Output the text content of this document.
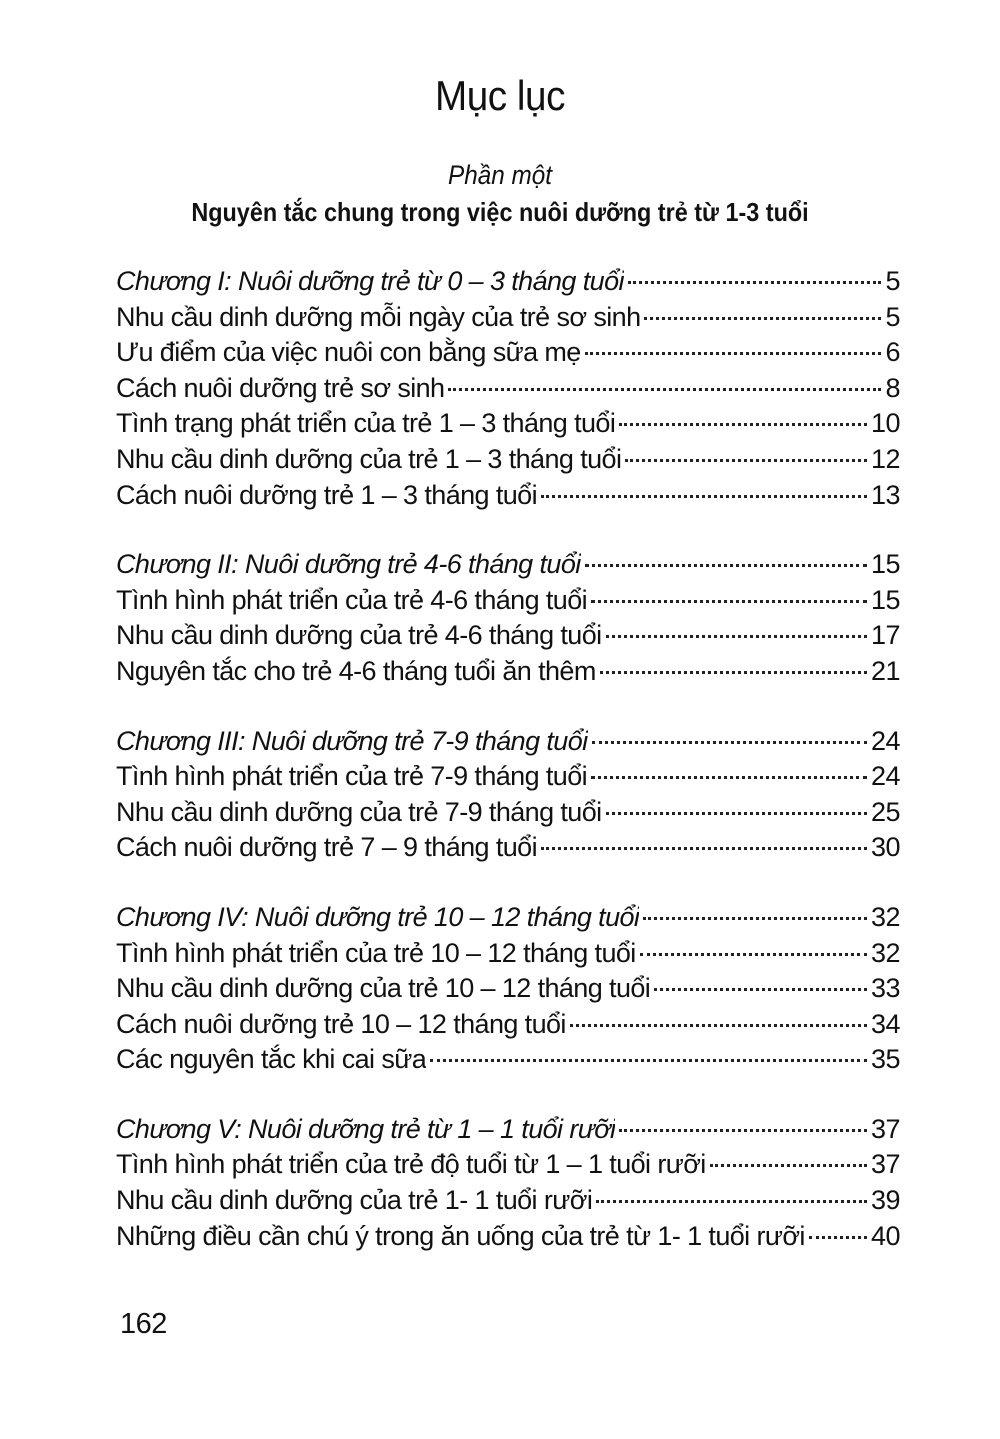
Mục lục
Phần một
Nguyên tắc chung trong việc nuôi dưỡng trẻ từ 1-3 tuổi
Chương I: Nuôi dưỡng trẻ từ 0 – 3 tháng tuổi	5
Nhu cầu dinh dưỡng mỗi ngày của trẻ sơ sinh	5
Ưu điểm của việc nuôi con bằng sữa mẹ	6
Cách nuôi dưỡng trẻ sơ sinh	8
Tình trạng phát triển của trẻ 1 – 3 tháng tuổi	10
Nhu cầu dinh dưỡng của trẻ 1 – 3 tháng tuổi	12
Cách nuôi dưỡng trẻ 1 – 3 tháng tuổi	13
Chương II: Nuôi dưỡng trẻ 4-6 tháng tuổi	15
Tình hình phát triển của trẻ 4-6 tháng tuổi	15
Nhu cầu dinh dưỡng của trẻ 4-6 tháng tuổi	17
Nguyên tắc cho trẻ 4-6 tháng tuổi ăn thêm	21
Chương III: Nuôi dưỡng trẻ 7-9 tháng tuổi	24
Tình hình phát triển của trẻ 7-9 tháng tuổi	24
Nhu cầu dinh dưỡng của trẻ 7-9 tháng tuổi	25
Cách nuôi dưỡng trẻ 7 – 9 tháng tuổi	30
Chương IV: Nuôi dưỡng trẻ 10 – 12 tháng tuổi	32
Tình hình phát triển của trẻ 10 – 12 tháng tuổi	32
Nhu cầu dinh dưỡng của trẻ 10 – 12 tháng tuổi	33
Cách nuôi dưỡng trẻ 10 – 12 tháng tuổi	34
Các nguyên tắc khi cai sữa	35
Chương V: Nuôi dưỡng trẻ từ 1 – 1 tuổi rưỡi	37
Tình hình phát triển của trẻ độ tuổi từ 1 – 1 tuổi rưỡi	37
Nhu cầu dinh dưỡng của trẻ 1- 1 tuổi rưỡi	39
Những điều cần chú ý trong ăn uống của trẻ từ 1- 1 tuổi rưỡi 40
162
